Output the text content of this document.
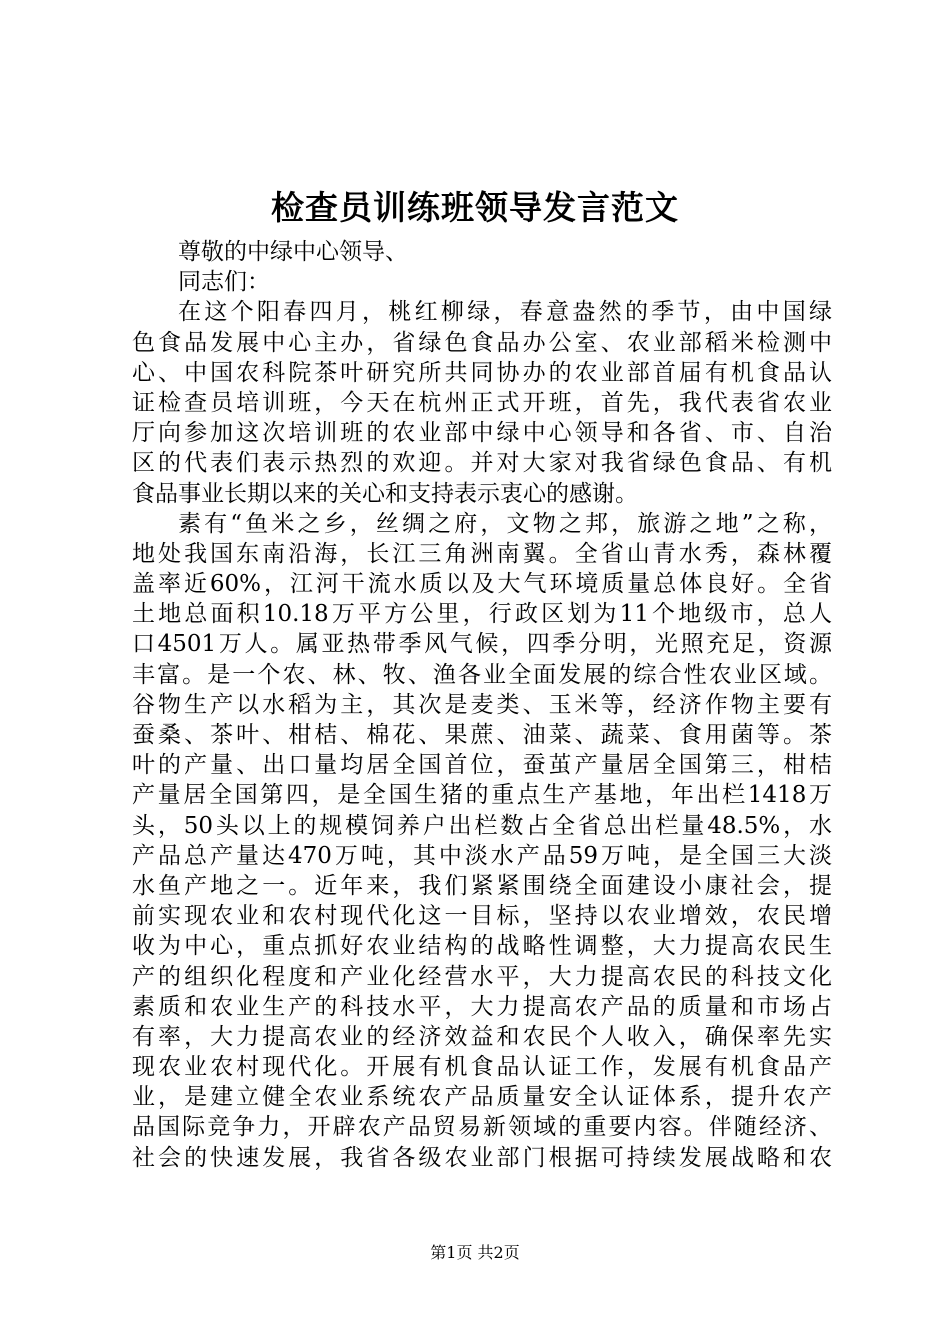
检查员训练班领导发言范文
尊敬的中绿中心领导、
同志们：
在这个阳春四月，桃红柳绿，春意盎然的季节，由中国绿
色食品发展中心主办，省绿色食品办公室、农业部稻米检测中
心、中国农科院茶叶研究所共同协办的农业部首届有机食品认
证检查员培训班，今天在杭州正式开班，首先，我代表省农业
厅向参加这次培训班的农业部中绿中心领导和各省、市、自治
区的代表们表示热烈的欢迎。并对大家对我省绿色食品、有机
食品事业长期以来的关心和支持表示衷心的感谢。
素有“鱼米之乡，丝绸之府，文物之邦，旅游之地”之称，
地处我国东南沿海，长江三角洲南翼。全省山青水秀，森林覆
盖率近60%，江河干流水质以及大气环境质量总体良好。全省
土地总面积10.18万平方公里，行政区划为11个地级市，总人
口4501万人。属亚热带季风气候，四季分明，光照充足，资源
丰富。是一个农、林、牧、渔各业全面发展的综合性农业区域。
谷物生产以水稻为主，其次是麦类、玉米等，经济作物主要有
蚕桑、茶叶、柑桔、棉花、果蔗、油菜、蔬菜、食用菌等。茶
叶的产量、出口量均居全国首位，蚕茧产量居全国第三，柑桔
产量居全国第四，是全国生猪的重点生产基地，年出栏1418万
头，50头以上的规模饲养户出栏数占全省总出栏量48.5%，水
产品总产量达470万吨，其中淡水产品59万吨，是全国三大淡
水鱼产地之一。近年来，我们紧紧围绕全面建设小康社会，提
前实现农业和农村现代化这一目标，坚持以农业增效，农民增
收为中心，重点抓好农业结构的战略性调整，大力提高农民生
产的组织化程度和产业化经营水平，大力提高农民的科技文化
素质和农业生产的科技水平，大力提高农产品的质量和市场占
有率，大力提高农业的经济效益和农民个人收入，确保率先实
现农业农村现代化。开展有机食品认证工作，发展有机食品产
业，是建立健全农业系统农产品质量安全认证体系，提升农产
品国际竞争力，开辟农产品贸易新领域的重要内容。伴随经济、
社会的快速发展，我省各级农业部门根据可持续发展战略和农
第1页 共2页
